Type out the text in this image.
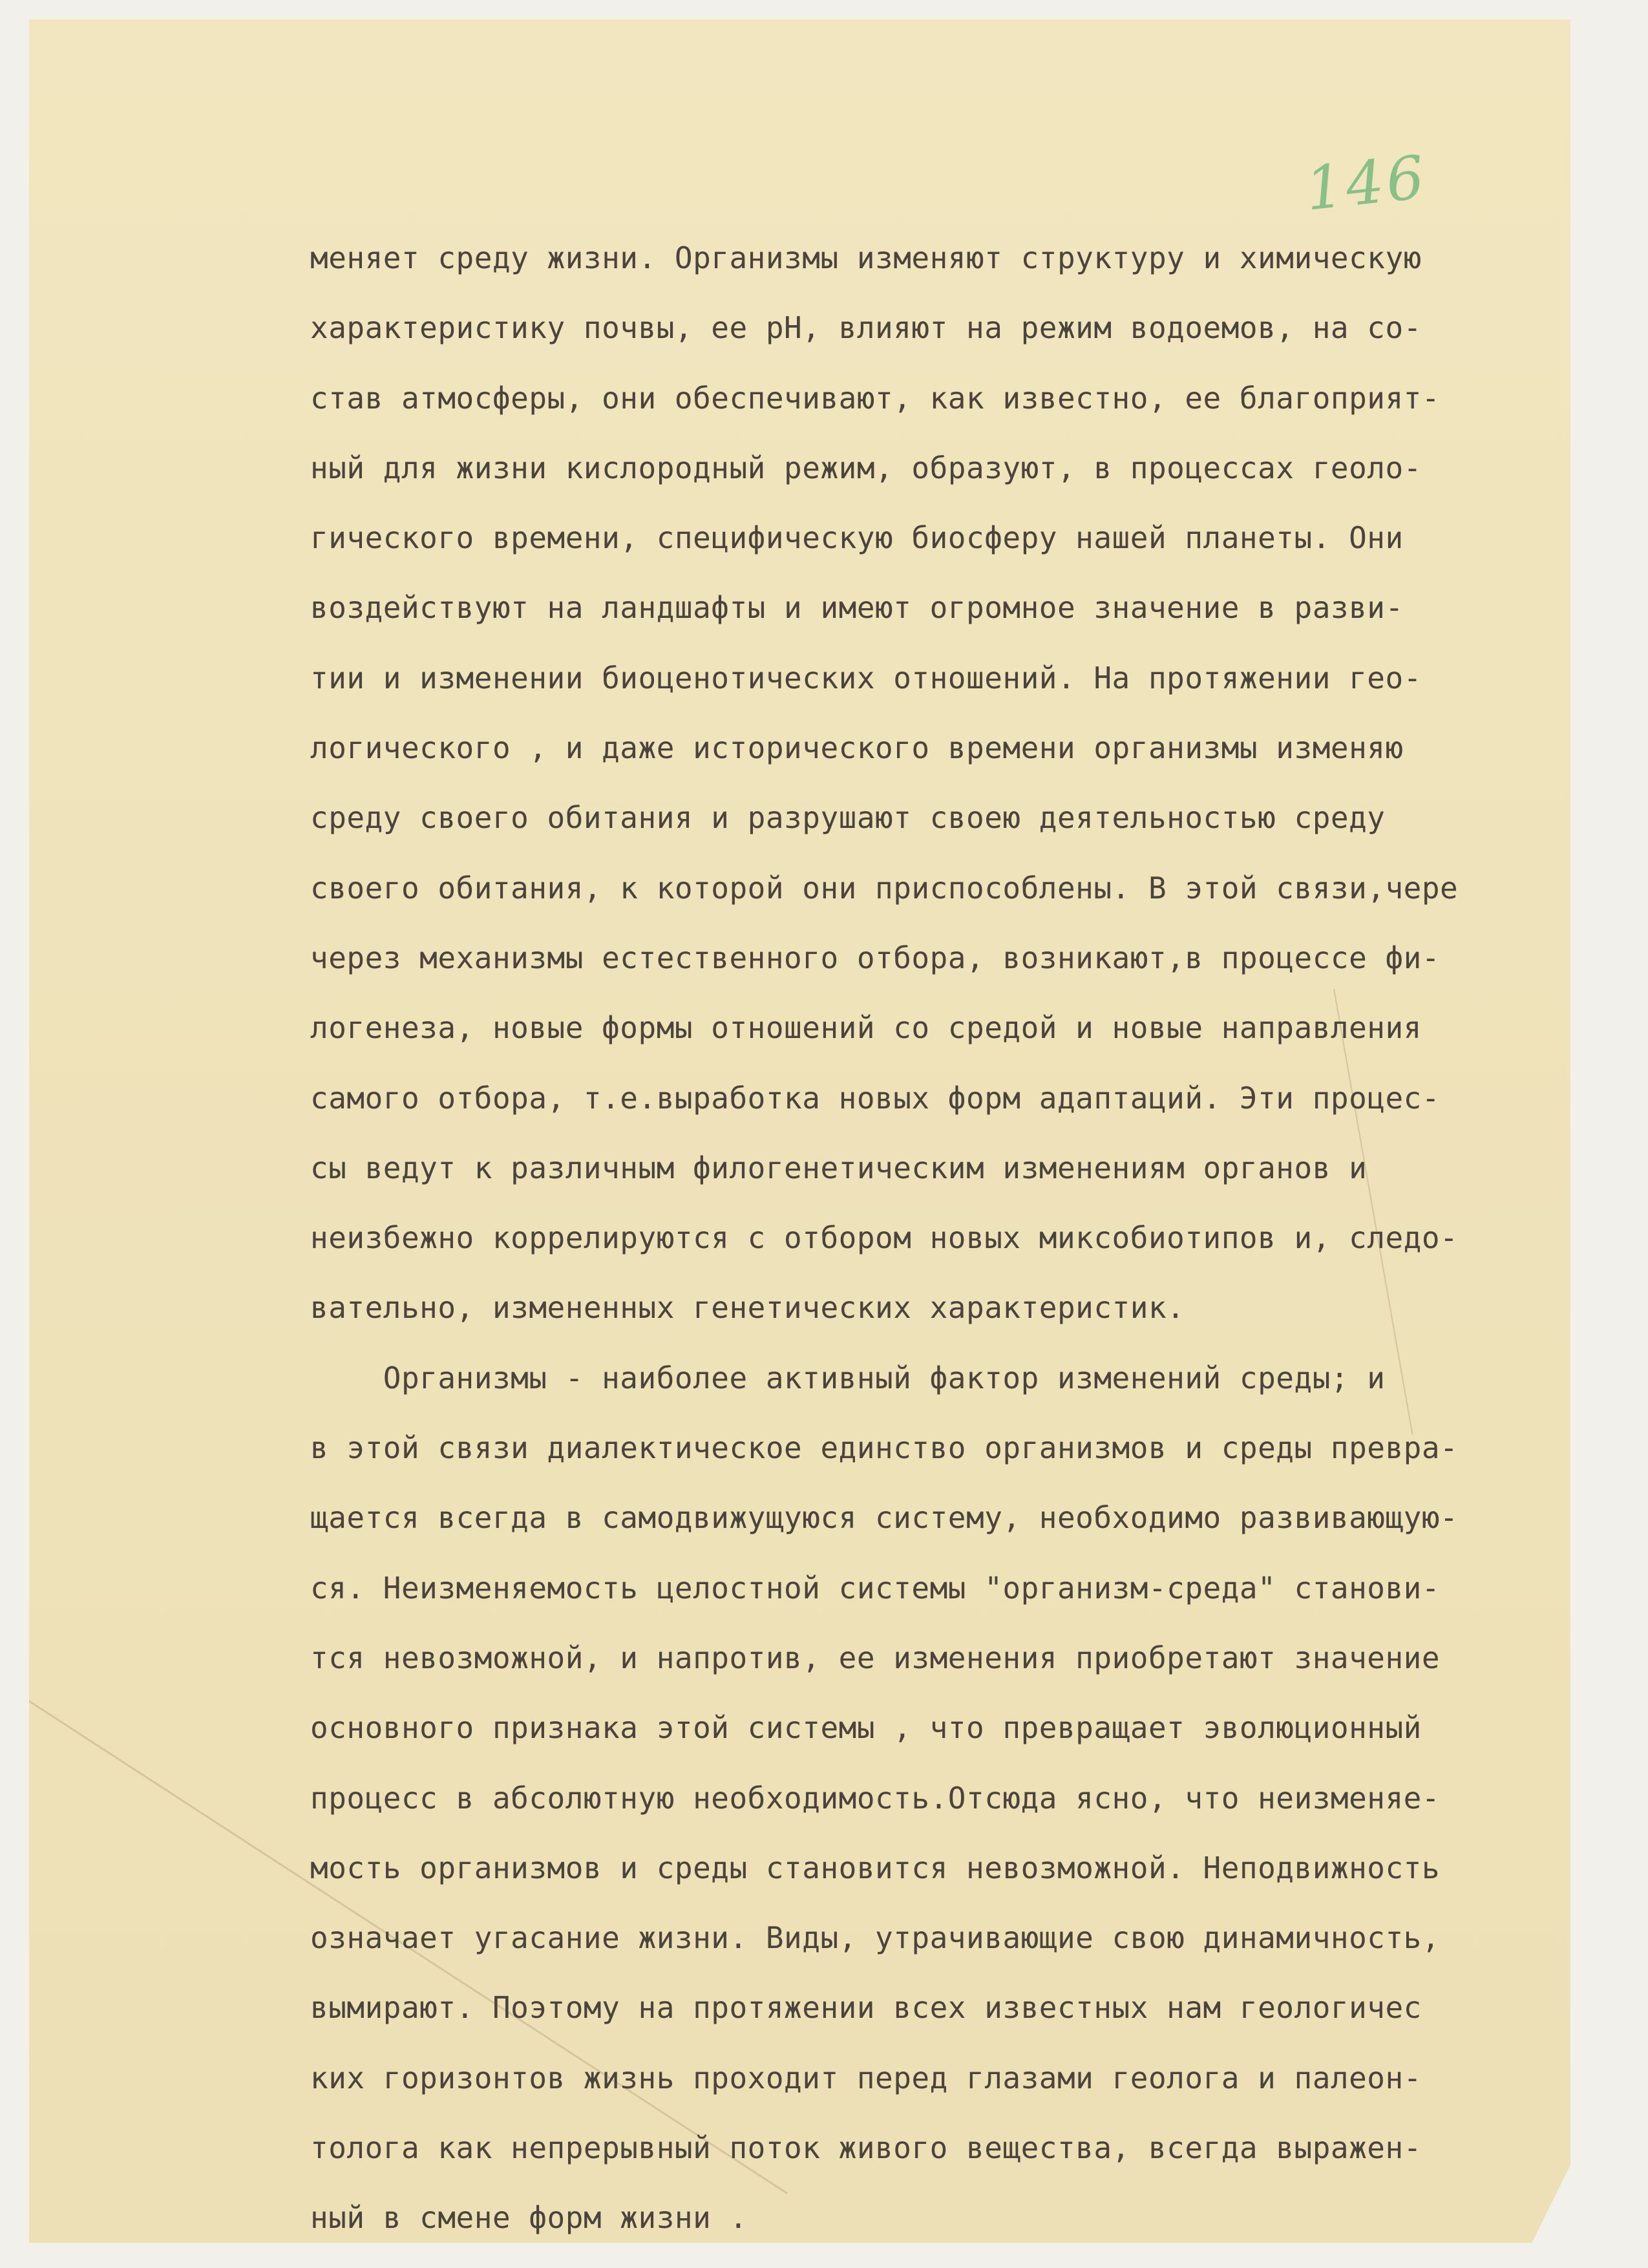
146
меняет среду жизни. Организмы изменяют структуру и химическую
характеристику почвы, ее рН, влияют на режим водоемов, на со-
став атмосферы, они обеспечивают, как известно, ее благоприят-
ный для жизни кислородный режим, образуют, в процессах геоло-
гического времени, специфическую биосферу нашей планеты. Они
воздействуют на ландшафты и имеют огромное значение в разви-
тии и изменении биоценотических отношений. На протяжении гео-
логического , и даже исторического времени организмы изменяю
среду своего обитания и разрушают своею деятельностью среду
своего обитания, к которой они приспособлены. В этой связи,чере
через механизмы естественного отбора, возникают,в процессе фи-
логенеза, новые формы отношений со средой и новые направления
самого отбора, т.е.выработка новых форм адаптаций. Эти процес-
сы ведут к различным филогенетическим изменениям органов и
неизбежно коррелируются с отбором новых миксобиотипов и, следо-
вательно, измененных генетических характеристик.
Организмы - наиболее активный фактор изменений среды; и
в этой связи диалектическое единство организмов и среды превра-
щается всегда в самодвижущуюся систему, необходимо развивающую-
ся. Неизменяемость целостной системы "организм-среда" станови-
тся невозможной, и напротив, ее изменения приобретают значение
основного признака этой системы , что превращает эволюционный
процесс в абсолютную необходимость.Отсюда ясно, что неизменяе-
мость организмов и среды становится невозможной. Неподвижность
означает угасание жизни. Виды, утрачивающие свою динамичность,
вымирают. Поэтому на протяжении всех известных нам геологичес
ких горизонтов жизнь проходит перед глазами геолога и палеон-
толога как непрерывный поток живого вещества, всегда выражен-
ный в смене форм жизни .
